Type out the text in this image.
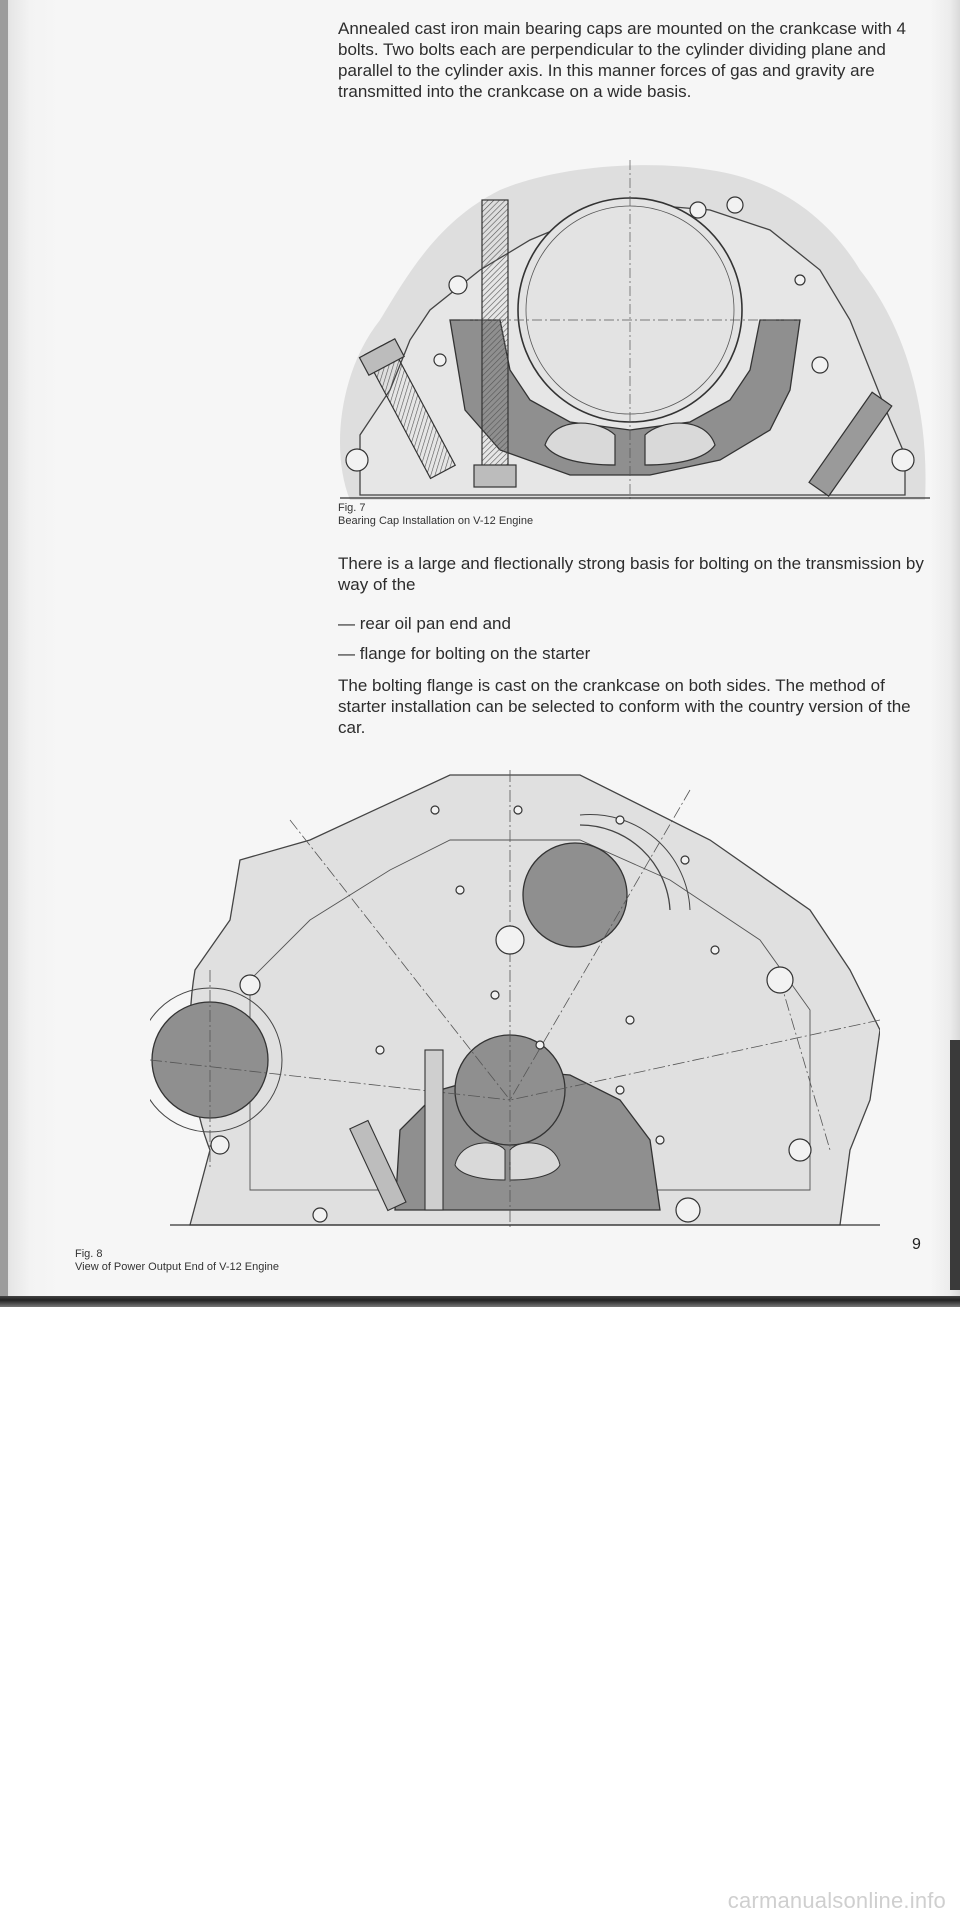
Annealed cast iron main bearing caps are mounted on the crankcase with 4 bolts. Two bolts each are perpendicular to the cylinder dividing plane and parallel to the cylinder axis. In this manner forces of gas and gravity are transmitted into the crankcase on a wide basis.

Fig. 7
Bearing Cap Installation on V-12 Engine

There is a large and flectionally strong basis for bolting on the transmission by way of the

— rear oil pan end and

— flange for bolting on the starter

The bolting flange is cast on the crankcase on both sides. The method of starter installation can be selected to conform with the country version of the car.

Fig. 8
View of Power Output End of V-12 Engine

9
carmanualsonline.info
